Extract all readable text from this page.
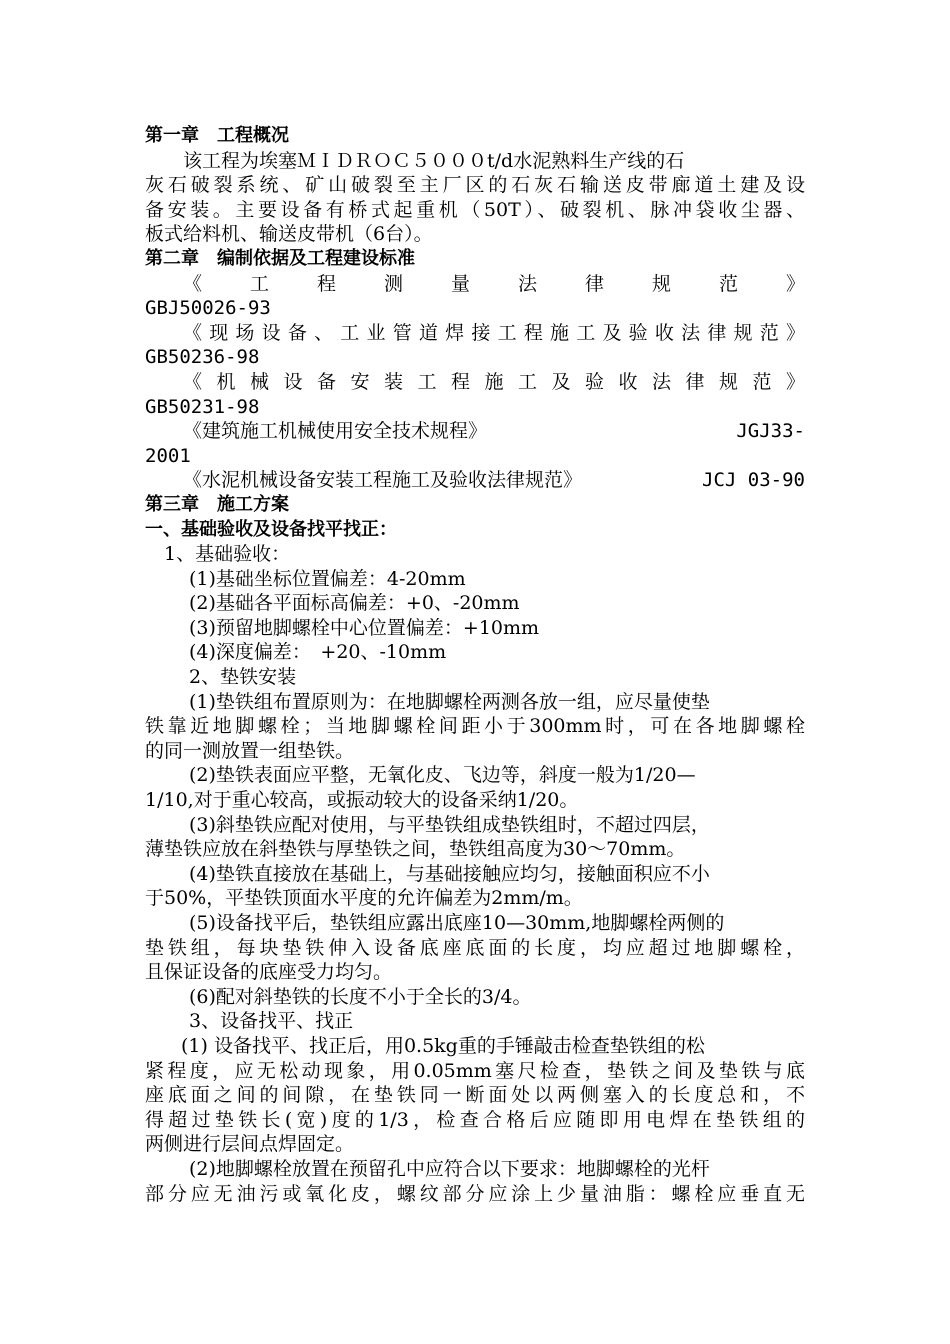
第一章　工程概况
该工程为埃塞ＭＩＤＲＯＣ５０００t/d水泥熟料生产线的石
灰石破裂系统、矿山破裂至主厂区的石灰石输送皮带廊道土建及设
备安装。主要设备有桥式起重机（50T）、破裂机、脉冲袋收尘器、
板式给料机、输送皮带机（6台）。
第二章　编制依据及工程建设标准
《　工　程　测　量　法　律　规　范　》
GBJ50026-93
《现场设备、工业管道焊接工程施工及验收法律规范》
GB50236-98
《机械设备安装工程施工及验收法律规范》
GB50231-98
《建筑施工机械使用安全技术规程》	JGJ33-
2001
《水泥机械设备安装工程施工及验收法律规范》	JCJ 03-90
第三章　施工方案
一、基础验收及设备找平找正：
1、基础验收：
(1)基础坐标位置偏差：4-20mm
(2)基础各平面标高偏差：+0、-20mm
(3)预留地脚螺栓中心位置偏差：+10mm
(4)深度偏差：　+20、-10mm
2、垫铁安装
(1)垫铁组布置原则为：在地脚螺栓两测各放一组，应尽量使垫
铁靠近地脚螺栓；当地脚螺栓间距小于300mm时，可在各地脚螺栓
的同一测放置一组垫铁。
(2)垫铁表面应平整，无氧化皮、飞边等，斜度一般为1/20—
1/10,对于重心较高，或振动较大的设备采纳1/20。
(3)斜垫铁应配对使用，与平垫铁组成垫铁组时，不超过四层，
薄垫铁应放在斜垫铁与厚垫铁之间，垫铁组高度为30～70mm。
(4)垫铁直接放在基础上，与基础接触应均匀，接触面积应不小
于50%，平垫铁顶面水平度的允许偏差为2mm/m。
(5)设备找平后，垫铁组应露出底座10—30mm,地脚螺栓两侧的
垫铁组，每块垫铁伸入设备底座底面的长度，均应超过地脚螺栓，
且保证设备的底座受力均匀。
(6)配对斜垫铁的长度不小于全长的3/4。
3、设备找平、找正
(1) 设备找平、找正后，用0.5kg重的手锤敲击检查垫铁组的松
紧程度，应无松动现象，用0.05mm塞尺检查，垫铁之间及垫铁与底
座底面之间的间隙，在垫铁同一断面处以两侧塞入的长度总和，不
得超过垫铁长(宽)度的1/3，检查合格后应随即用电焊在垫铁组的
两侧进行层间点焊固定。
(2)地脚螺栓放置在预留孔中应符合以下要求：地脚螺栓的光杆
部分应无油污或氧化皮，螺纹部分应涂上少量油脂：螺栓应垂直无
